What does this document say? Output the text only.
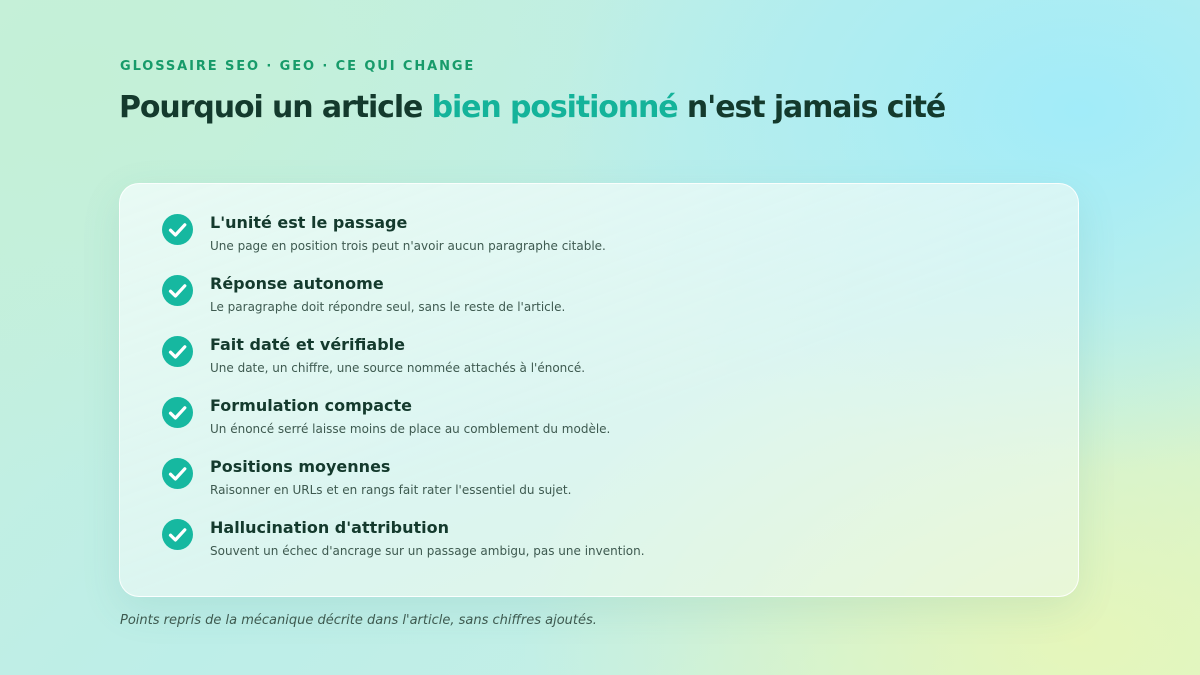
GLOSSAIRE SEO · GEO · CE QUI CHANGE

Pourquoi un article bien positionné n'est jamais cité

L'unité est le passage

Une page en position trois peut n'avoir aucun paragraphe citable.

Réponse autonome

Le paragraphe doit répondre seul, sans le reste de l'article.

Fait daté et vérifiable

Une date, un chiffre, une source nommée attachés à l'énoncé.

Formulation compacte

Un énoncé serré laisse moins de place au comblement du modèle.

Positions moyennes

Raisonner en URLs et en rangs fait rater l'essentiel du sujet.

Hallucination d'attribution

Souvent un échec d'ancrage sur un passage ambigu, pas une invention.

Points repris de la mécanique décrite dans l'article, sans chiffres ajoutés.
